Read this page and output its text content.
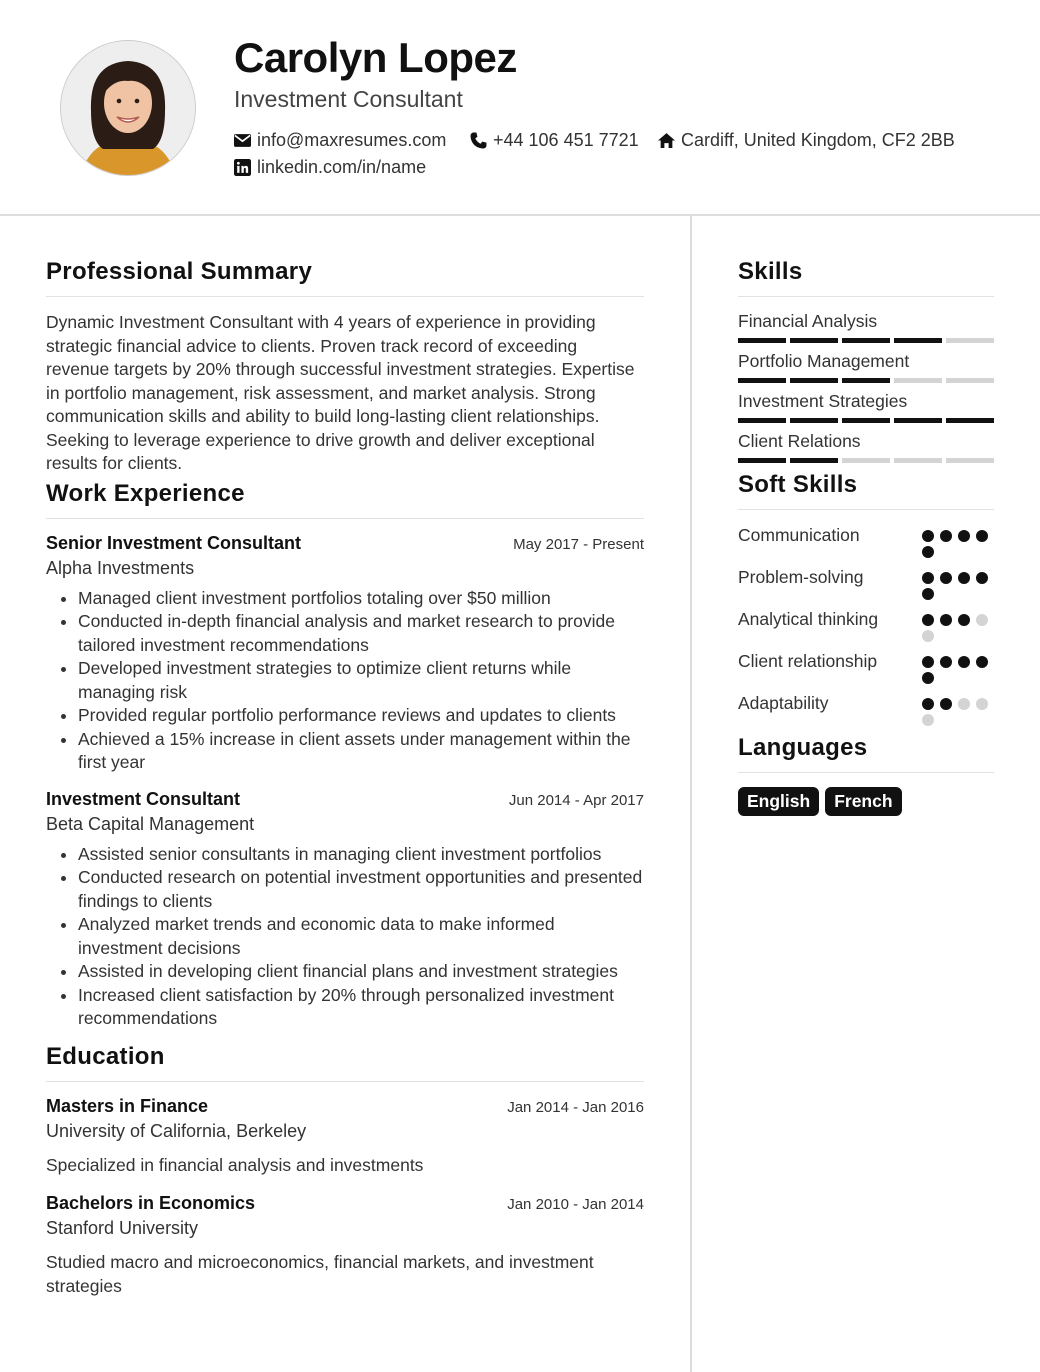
Carolyn Lopez
Investment Consultant
info@maxresumes.com	+44 106 451 7721 Cardiff, United Kingdom, CF2 2BB
linkedin.com/in/name
Professional Summary

Dynamic Investment Consultant with 4 years of experience in providing strategic financial advice to clients. Proven track record of exceeding revenue targets by 20% through successful investment strategies. Expertise in portfolio management, risk assessment, and market analysis. Strong communication skills and ability to build long-lasting client relationships. Seeking to leverage experience to drive growth and deliver exceptional results for clients.

Work Experience
Senior Investment Consultant	May 2017 - Present
Alpha Investments
• Managed client investment portfolios totaling over $50 million
• Conducted in-depth financial analysis and market research to provide tailored investment recommendations
• Developed investment strategies to optimize client returns while managing risk
• Provided regular portfolio performance reviews and updates to clients
• Achieved a 15% increase in client assets under management within the first year
Investment Consultant	Jun 2014 - Apr 2017
Beta Capital Management
• Assisted senior consultants in managing client investment portfolios
• Conducted research on potential investment opportunities and presented findings to clients
• Analyzed market trends and economic data to make informed investment decisions
• Assisted in developing client financial plans and investment strategies
• Increased client satisfaction by 20% through personalized investment recommendations
Education
Masters in Finance	Jan 2014 - Jan 2016
University of California, Berkeley
Specialized in financial analysis and investments
Bachelors in Economics	Jan 2010 - Jan 2014
Stanford University
Studied macro and microeconomics, financial markets, and investment strategies
Skills
Financial Analysis
Portfolio Management
Investment Strategies
Client Relations
Soft Skills
Communication
Problem-solving
Analytical thinking
Client relationship
Adaptability
Languages
English	French
